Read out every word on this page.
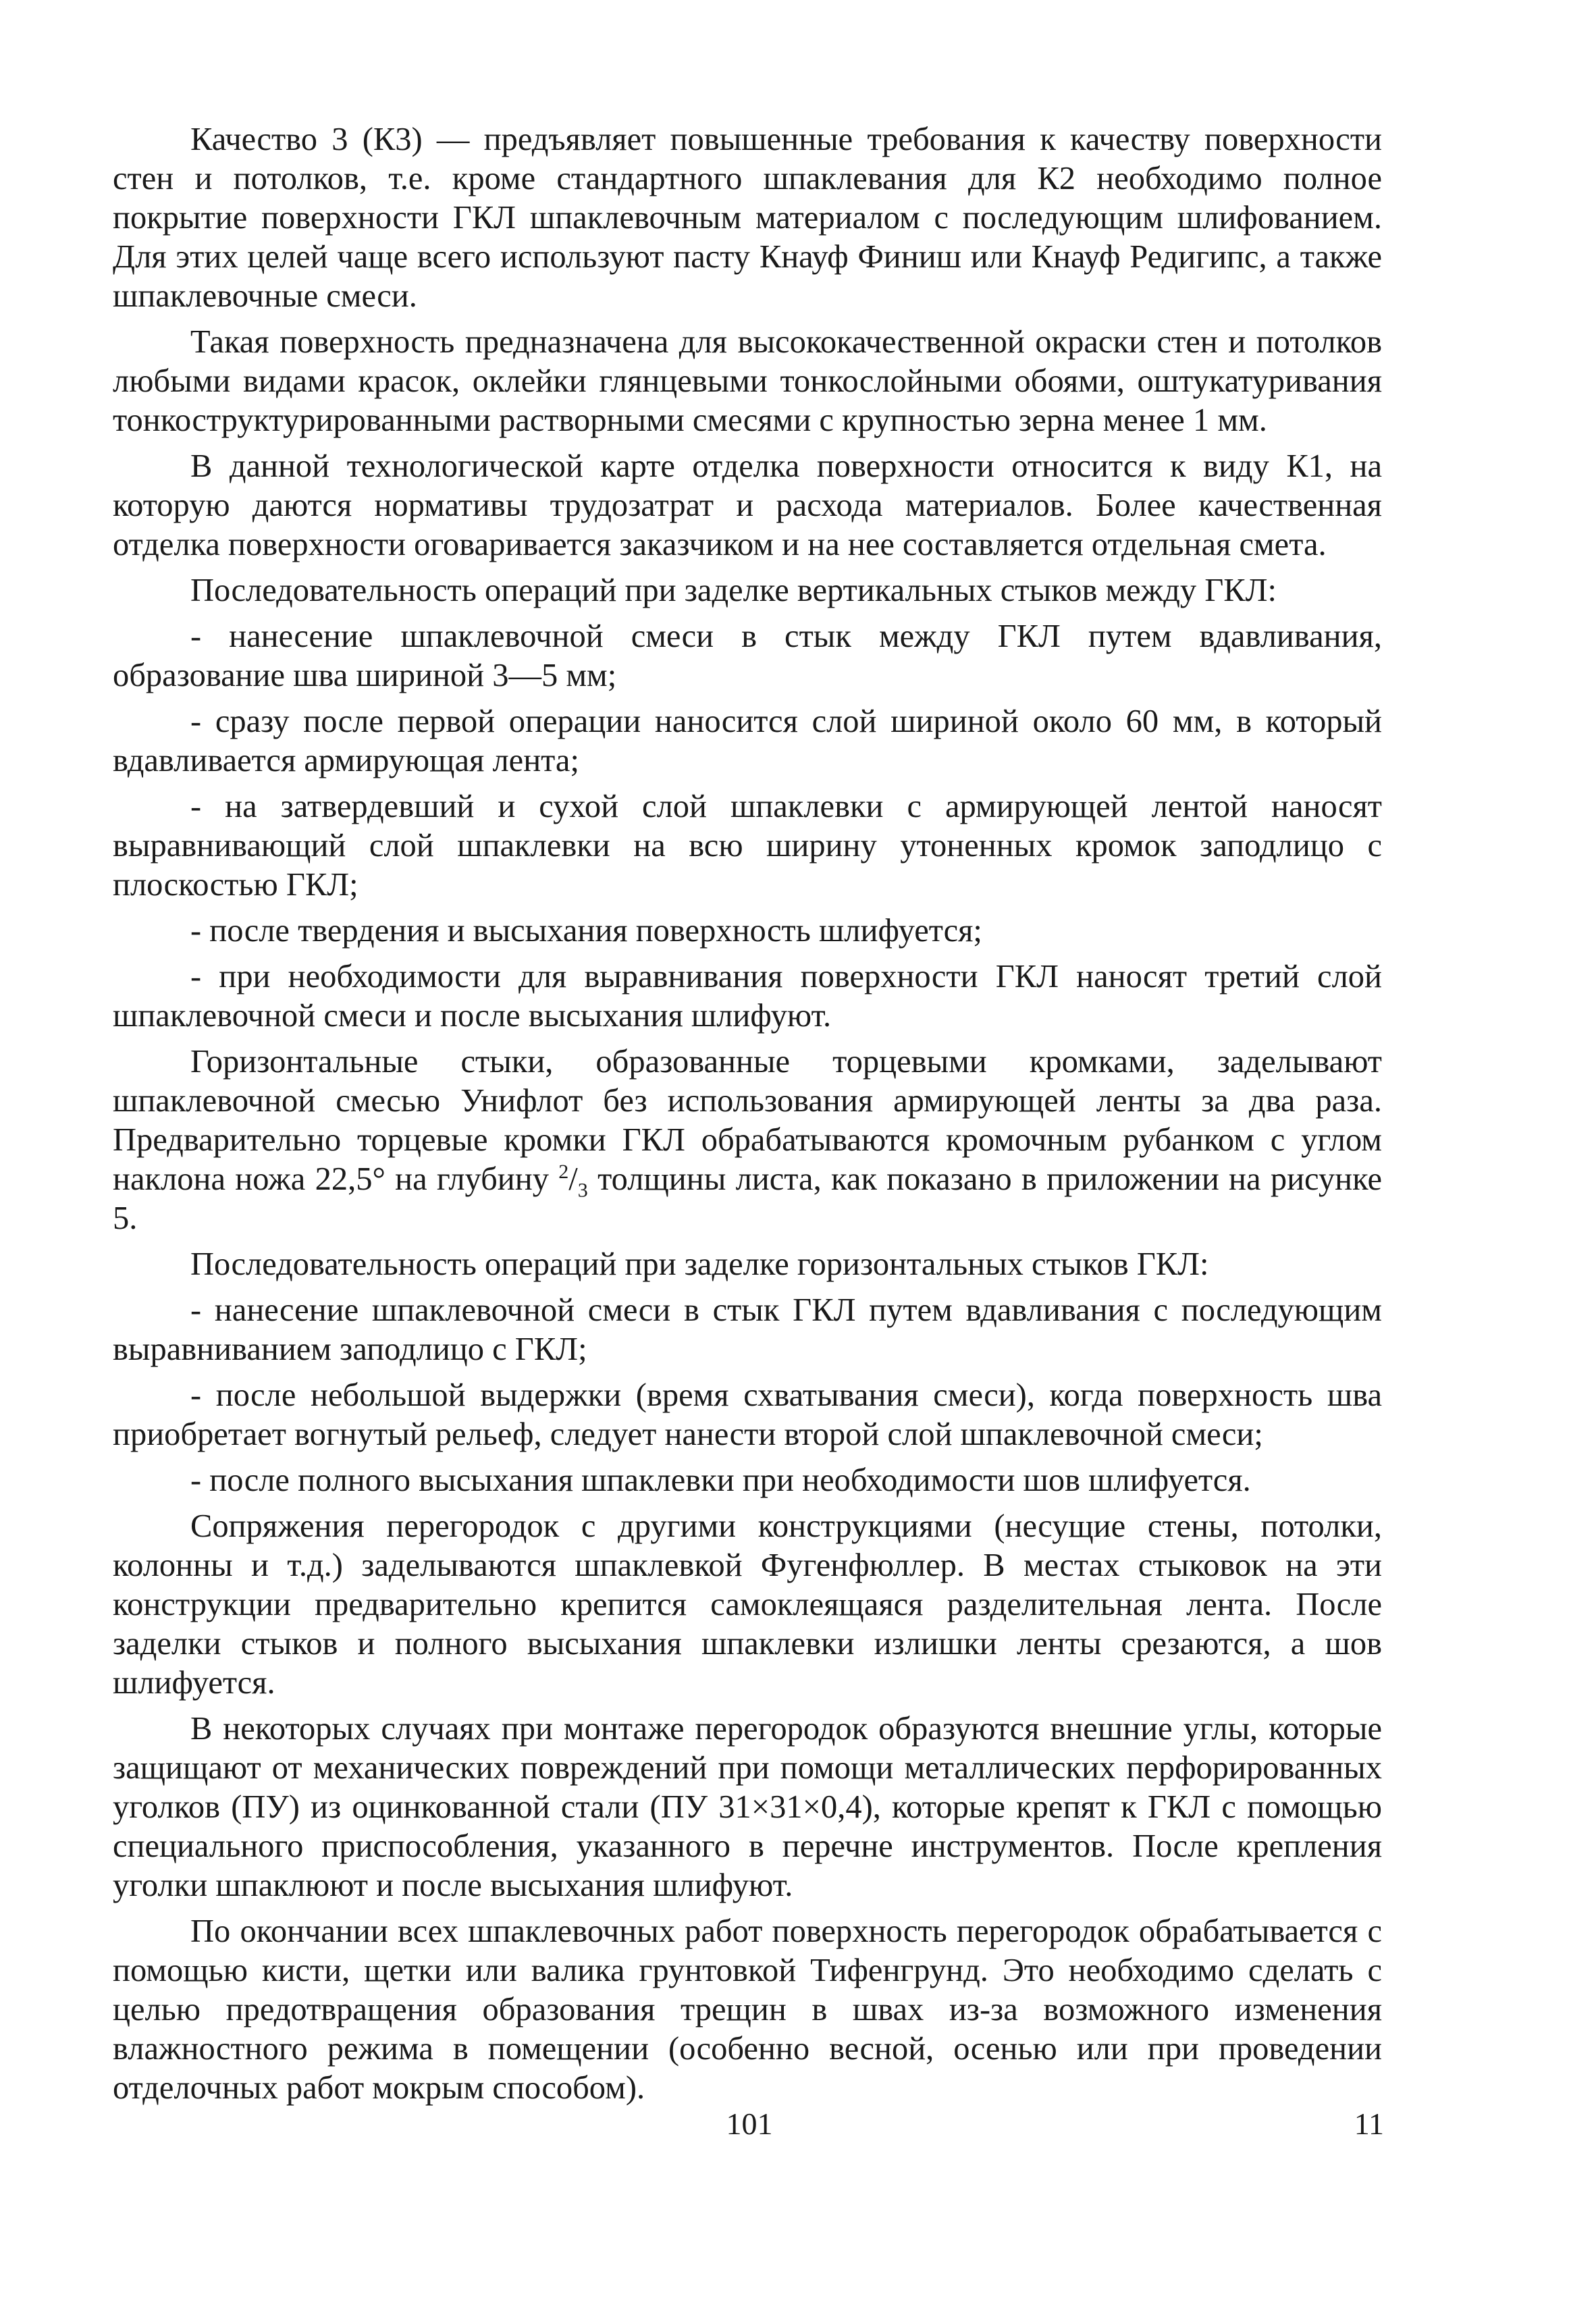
Качество 3 (К3) — предъявляет повышенные требования к качеству поверхности стен и потолков, т.е. кроме стандартного шпаклевания для К2 необходимо полное покрытие поверхности ГКЛ шпаклевочным материалом с последующим шлифованием. Для этих целей чаще всего используют пасту Кнауф Финиш или Кнауф Редигипс, а также шпаклевочные смеси.

Такая поверхность предназначена для высококачественной окраски стен и потолков любыми видами красок, оклейки глянцевыми тонкослойными обоями, оштукатуривания тонкоструктурированными растворными смесями с крупностью зерна менее 1 мм.

В данной технологической карте отделка поверхности относится к виду К1, на которую даются нормативы трудозатрат и расхода материалов. Более качественная отделка поверхности оговаривается заказчиком и на нее составляется отдельная смета.

Последовательность операций при заделке вертикальных стыков между ГКЛ:

- нанесение шпаклевочной смеси в стык между ГКЛ путем вдавливания, образование шва шириной 3—5 мм;

- сразу после первой операции наносится слой шириной около 60 мм, в который вдавливается армирующая лента;

- на затвердевший и сухой слой шпаклевки с армирующей лентой наносят выравнивающий слой шпаклевки на всю ширину утоненных кромок заподлицо с плоскостью ГКЛ;

- после твердения и высыхания поверхность шлифуется;

- при необходимости для выравнивания поверхности ГКЛ наносят третий слой шпаклевочной смеси и после высыхания шлифуют.

Горизонтальные стыки, образованные торцевыми кромками, заделывают шпаклевочной смесью Унифлот без использования армирующей ленты за два раза. Предварительно торцевые кромки ГКЛ обрабатываются кромочным рубанком с углом наклона ножа 22,5° на глубину $^2/_3$ толщины листа, как показано в приложении на рисунке 5.

Последовательность операций при заделке горизонтальных стыков ГКЛ:

- нанесение шпаклевочной смеси в стык ГКЛ путем вдавливания с последующим выравниванием заподлицо с ГКЛ;

- после небольшой выдержки (время схватывания смеси), когда поверхность шва приобретает вогнутый рельеф, следует нанести второй слой шпаклевочной смеси;

- после полного высыхания шпаклевки при необходимости шов шлифуется.

Сопряжения перегородок с другими конструкциями (несущие стены, потолки, колонны и т.д.) заделываются шпаклевкой Фугенфюллер. В местах стыковок на эти конструкции предварительно крепится самоклеящаяся разделительная лента. После заделки стыков и полного высыхания шпаклевки излишки ленты срезаются, а шов шлифуется.

В некоторых случаях при монтаже перегородок образуются внешние углы, которые защищают от механических повреждений при помощи металлических перфорированных уголков (ПУ) из оцинкованной стали (ПУ 31×31×0,4), которые крепят к ГКЛ с помощью специального приспособления, указанного в перечне инструментов. После крепления уголки шпаклюют и после высыхания шлифуют.

По окончании всех шпаклевочных работ поверхность перегородок обрабатывается с помощью кисти, щетки или валика грунтовкой Тифенгрунд. Это необходимо сделать с целью предотвращения образования трещин в швах из-за возможного изменения влажностного режима в помещении (особенно весной, осенью или при проведении отделочных работ мокрым способом).

101	11
